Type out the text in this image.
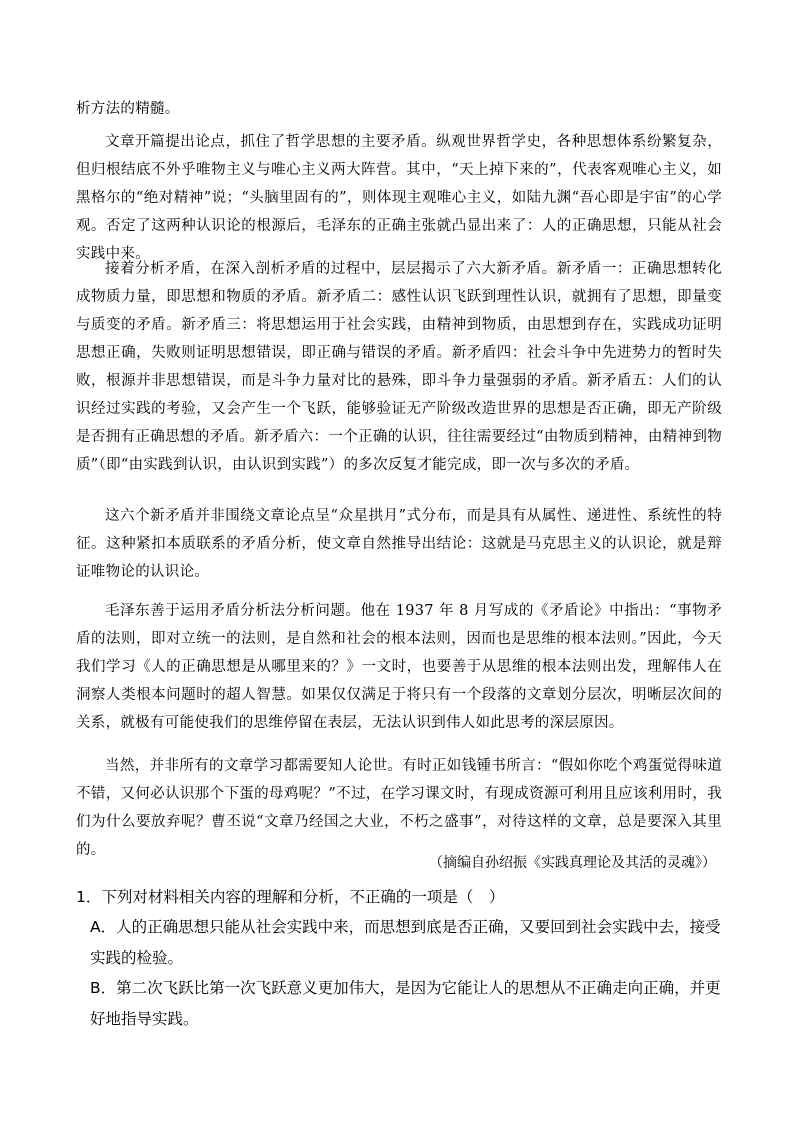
析方法的精髓。

文章开篇提出论点，抓住了哲学思想的主要矛盾。纵观世界哲学史，各种思想体系纷繁复杂，但归根结底不外乎唯物主义与唯心主义两大阵营。其中，“天上掉下来的”，代表客观唯心主义，如黑格尔的“绝对精神”说；“头脑里固有的”，则体现主观唯心主义，如陆九渊“吾心即是宇宙”的心学观。否定了这两种认识论的根源后，毛泽东的正确主张就凸显出来了：人的正确思想，只能从社会实践中来。

接着分析矛盾，在深入剖析矛盾的过程中，层层揭示了六大新矛盾。新矛盾一：正确思想转化成物质力量，即思想和物质的矛盾。新矛盾二：感性认识飞跃到理性认识，就拥有了思想，即量变与质变的矛盾。新矛盾三：将思想运用于社会实践，由精神到物质，由思想到存在，实践成功证明思想正确，失败则证明思想错误，即正确与错误的矛盾。新矛盾四：社会斗争中先进势力的暂时失败，根源并非思想错误，而是斗争力量对比的悬殊，即斗争力量强弱的矛盾。新矛盾五：人们的认识经过实践的考验，又会产生一个飞跃，能够验证无产阶级改造世界的思想是否正确，即无产阶级是否拥有正确思想的矛盾。新矛盾六：一个正确的认识，往往需要经过“由物质到精神，由精神到物质”（即“由实践到认识，由认识到实践”）的多次反复才能完成，即一次与多次的矛盾。

这六个新矛盾并非围绕文章论点呈“众星拱月”式分布，而是具有从属性、递进性、系统性的特征。这种紧扣本质联系的矛盾分析，使文章自然推导出结论：这就是马克思主义的认识论，就是辩证唯物论的认识论。

毛泽东善于运用矛盾分析法分析问题。他在 1937 年 8 月写成的《矛盾论》中指出：“事物矛盾的法则，即对立统一的法则，是自然和社会的根本法则，因而也是思维的根本法则。”因此，今天我们学习《人的正确思想是从哪里来的？》一文时，也要善于从思维的根本法则出发，理解伟人在洞察人类根本问题时的超人智慧。如果仅仅满足于将只有一个段落的文章划分层次，明晰层次间的关系，就极有可能使我们的思维停留在表层，无法认识到伟人如此思考的深层原因。

当然，并非所有的文章学习都需要知人论世。有时正如钱锺书所言：“假如你吃个鸡蛋觉得味道不错，又何必认识那个下蛋的母鸡呢？”不过，在学习课文时，有现成资源可利用且应该利用时，我们为什么要放弃呢？曹丕说“文章乃经国之大业，不朽之盛事”，对待这样的文章，总是要深入其里的。

（摘编自孙绍振《实践真理论及其活的灵魂》）

1．下列对材料相关内容的理解和分析，不正确的一项是（　）

A．人的正确思想只能从社会实践中来，而思想到底是否正确，又要回到社会实践中去，接受实践的检验。

B．第二次飞跃比第一次飞跃意义更加伟大，是因为它能让人的思想从不正确走向正确，并更好地指导实践。
